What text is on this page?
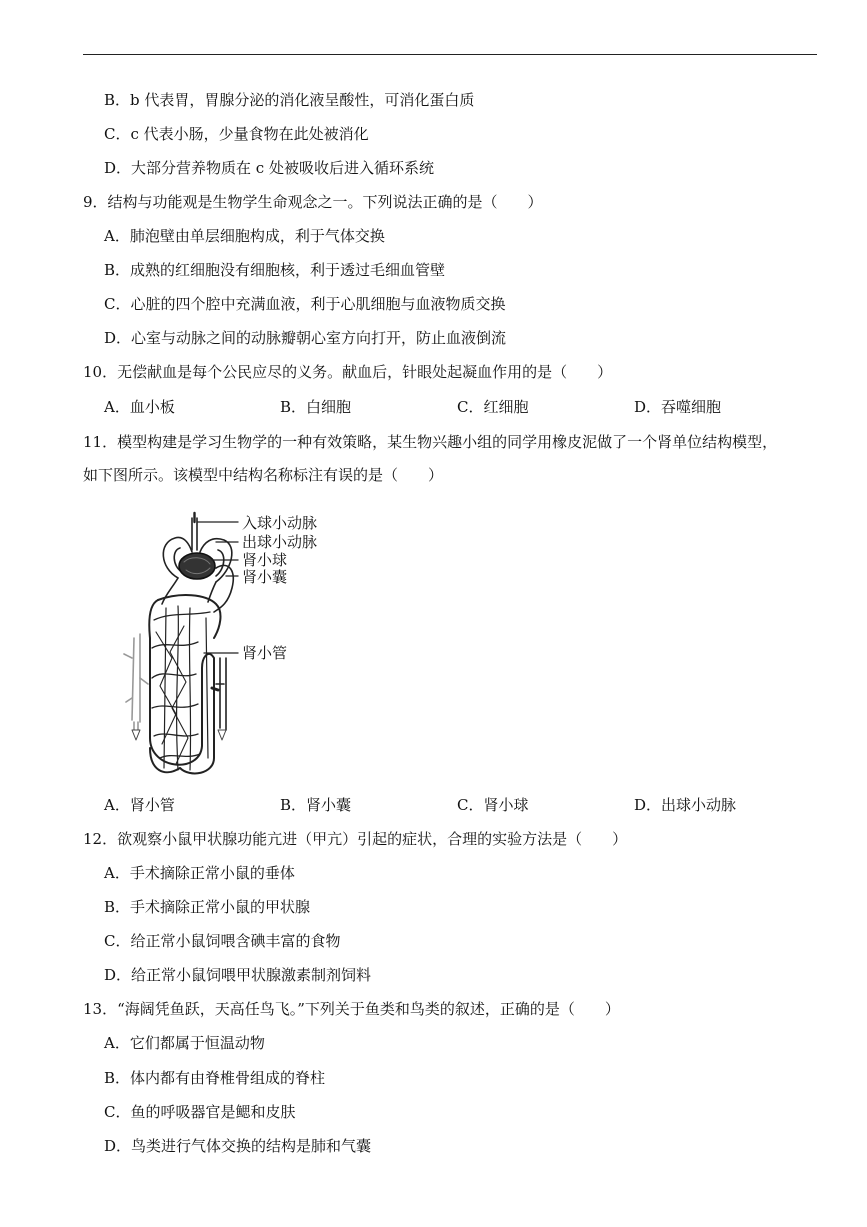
B．b 代表胃，胃腺分泌的消化液呈酸性，可消化蛋白质
C．c 代表小肠，少量食物在此处被消化
D．大部分营养物质在 c 处被吸收后进入循环系统
9．结构与功能观是生物学生命观念之一。下列说法正确的是（　　）
A．肺泡壁由单层细胞构成，利于气体交换
B．成熟的红细胞没有细胞核，利于透过毛细血管壁
C．心脏的四个腔中充满血液，利于心肌细胞与血液物质交换
D．心室与动脉之间的动脉瓣朝心室方向打开，防止血液倒流
10．无偿献血是每个公民应尽的义务。献血后，针眼处起凝血作用的是（　　）
A．血小板	B．白细胞	C．红细胞	D．吞噬细胞
11．模型构建是学习生物学的一种有效策略，某生物兴趣小组的同学用橡皮泥做了一个肾单位结构模型，
如下图所示。该模型中结构名称标注有误的是（　　）
入球小动脉
出球小动脉
肾小球
肾小囊
肾小管
A．肾小管	B．肾小囊	C．肾小球	D．出球小动脉
12．欲观察小鼠甲状腺功能亢进（甲亢）引起的症状，合理的实验方法是（　　）
A．手术摘除正常小鼠的垂体
B．手术摘除正常小鼠的甲状腺
C．给正常小鼠饲喂含碘丰富的食物
D．给正常小鼠饲喂甲状腺激素制剂饲料
13．“海阔凭鱼跃，天高任鸟飞。”下列关于鱼类和鸟类的叙述，正确的是（　　）
A．它们都属于恒温动物
B．体内都有由脊椎骨组成的脊柱
C．鱼的呼吸器官是鳃和皮肤
D．鸟类进行气体交换的结构是肺和气囊
